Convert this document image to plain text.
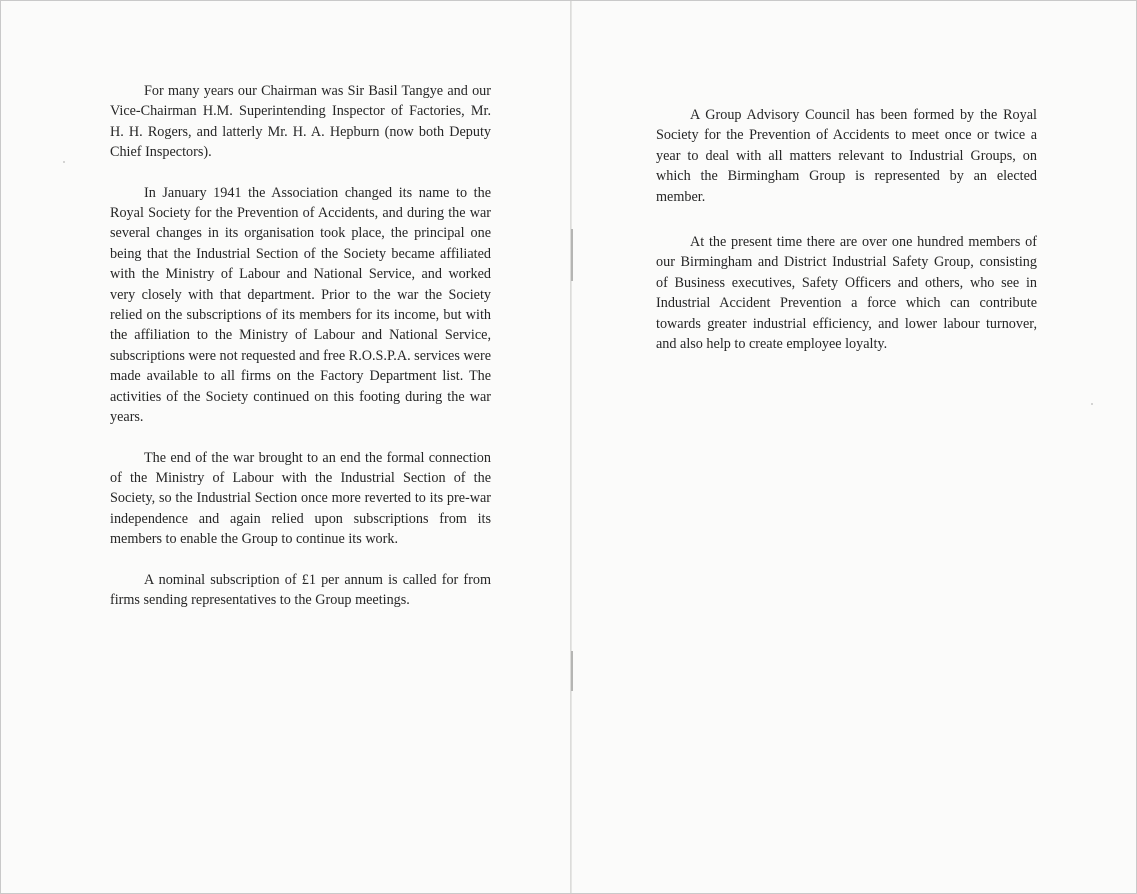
For many years our Chairman was Sir Basil Tangye and our Vice-Chairman H.M. Superintending Inspector of Factories, Mr. H. H. Rogers, and latterly Mr. H. A. Hepburn (now both Deputy Chief Inspectors).

In January 1941 the Association changed its name to the Royal Society for the Prevention of Accidents, and during the war several changes in its organisation took place, the principal one being that the Industrial Section of the Society became affiliated with the Ministry of Labour and National Service, and worked very closely with that department. Prior to the war the Society relied on the subscriptions of its members for its income, but with the affiliation to the Ministry of Labour and National Service, subscriptions were not requested and free R.O.S.P.A. services were made available to all firms on the Factory Department list. The activities of the Society continued on this footing during the war years.

The end of the war brought to an end the formal connection of the Ministry of Labour with the Industrial Section of the Society, so the Industrial Section once more reverted to its pre-war independence and again relied upon subscriptions from its members to enable the Group to continue its work.

A nominal subscription of £1 per annum is called for from firms sending representatives to the Group meetings.

A Group Advisory Council has been formed by the Royal Society for the Prevention of Accidents to meet once or twice a year to deal with all matters relevant to Industrial Groups, on which the Birmingham Group is represented by an elected member.

At the present time there are over one hundred members of our Birmingham and District Industrial Safety Group, consisting of Business executives, Safety Officers and others, who see in Industrial Accident Prevention a force which can contribute towards greater industrial efficiency, and lower labour turnover, and also help to create employee loyalty.
